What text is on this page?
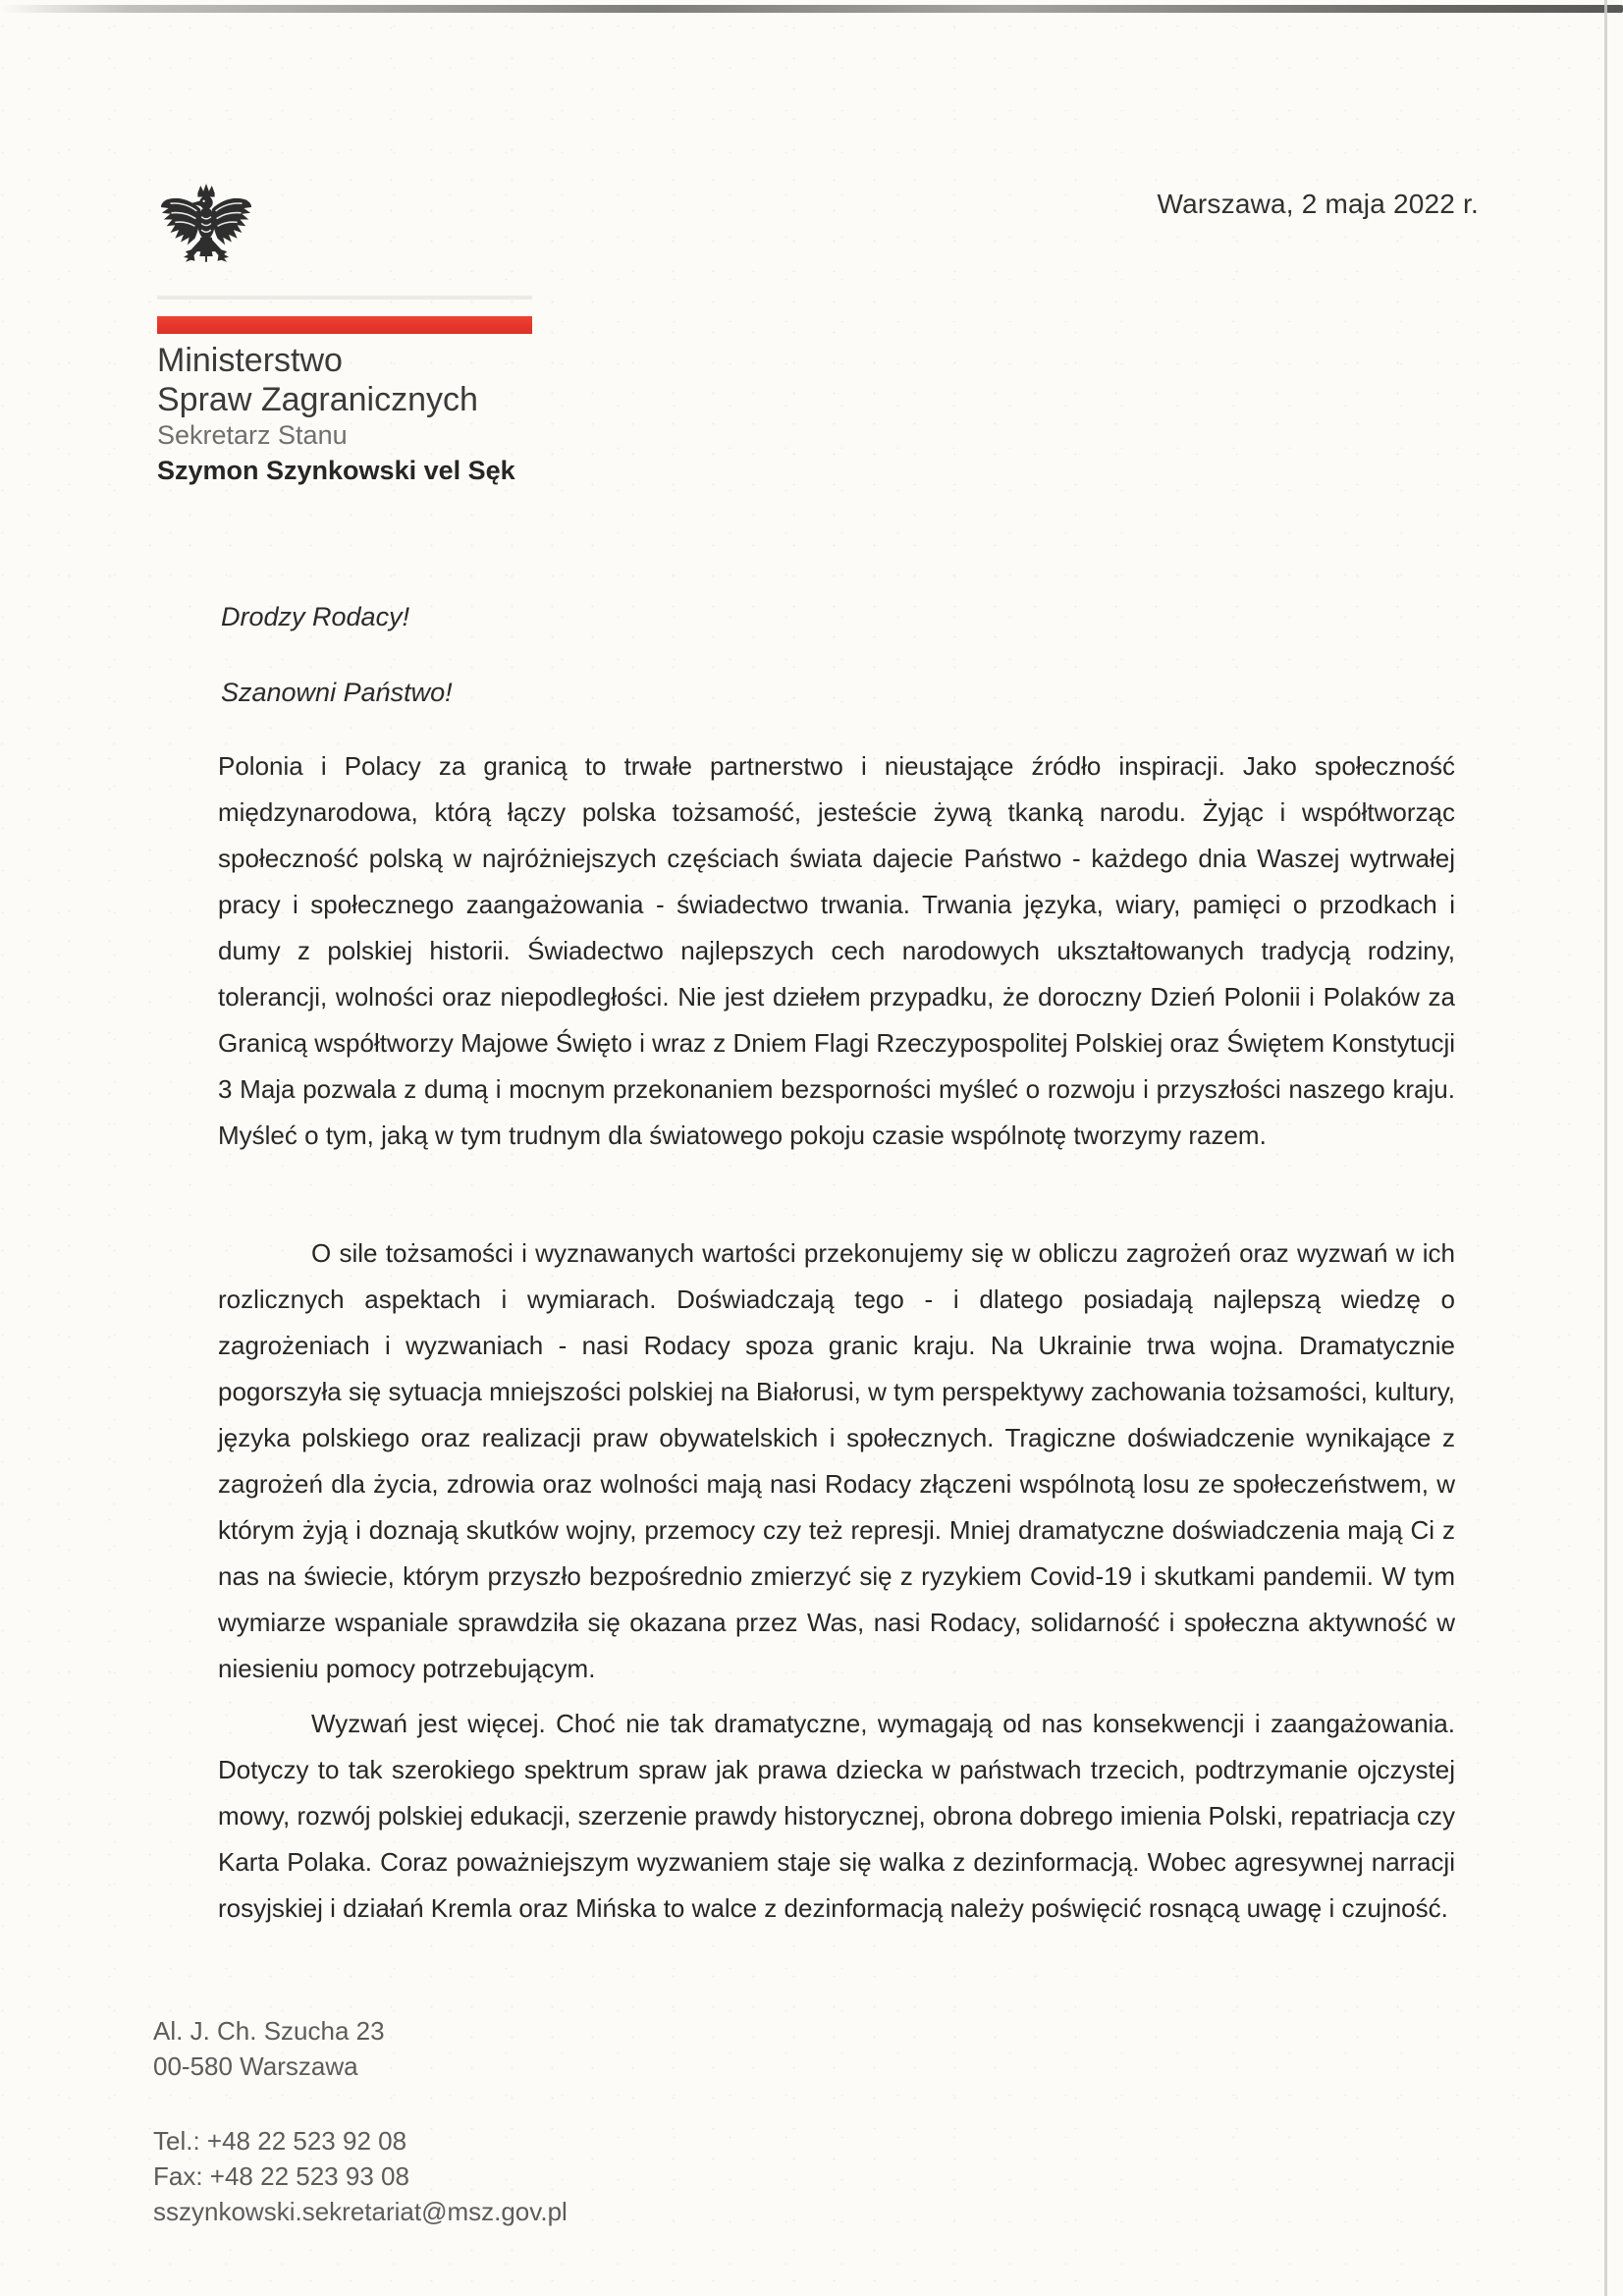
Warszawa, 2 maja 2022 r.
Ministerstwo
Spraw Zagranicznych
Sekretarz Stanu
Szymon Szynkowski vel Sęk

Drodzy Rodacy!

Szanowni Państwo!

Polonia i Polacy za granicą to trwałe partnerstwo i nieustające źródło inspiracji. Jako społeczność międzynarodowa, którą łączy polska tożsamość, jesteście żywą tkanką narodu. Żyjąc i współtworząc społeczność polską w najróżniejszych częściach świata dajecie Państwo - każdego dnia Waszej wytrwałej pracy i społecznego zaangażowania - świadectwo trwania. Trwania języka, wiary, pamięci o przodkach i dumy z polskiej historii. Świadectwo najlepszych cech narodowych ukształtowanych tradycją rodziny, tolerancji, wolności oraz niepodległości. Nie jest dziełem przypadku, że doroczny Dzień Polonii i Polaków za Granicą współtworzy Majowe Święto i wraz z Dniem Flagi Rzeczypospolitej Polskiej oraz Świętem Konstytucji 3 Maja pozwala z dumą i mocnym przekonaniem bezsporności myśleć o rozwoju i przyszłości naszego kraju. Myśleć o tym, jaką w tym trudnym dla światowego pokoju czasie wspólnotę tworzymy razem.

O sile tożsamości i wyznawanych wartości przekonujemy się w obliczu zagrożeń oraz wyzwań w ich rozlicznych aspektach i wymiarach. Doświadczają tego - i dlatego posiadają najlepszą wiedzę o zagrożeniach i wyzwaniach - nasi Rodacy spoza granic kraju. Na Ukrainie trwa wojna. Dramatycznie pogorszyła się sytuacja mniejszości polskiej na Białorusi, w tym perspektywy zachowania tożsamości, kultury, języka polskiego oraz realizacji praw obywatelskich i społecznych. Tragiczne doświadczenie wynikające z zagrożeń dla życia, zdrowia oraz wolności mają nasi Rodacy złączeni wspólnotą losu ze społeczeństwem, w którym żyją i doznają skutków wojny, przemocy czy też represji. Mniej dramatyczne doświadczenia mają Ci z nas na świecie, którym przyszło bezpośrednio zmierzyć się z ryzykiem Covid-19 i skutkami pandemii. W tym wymiarze wspaniale sprawdziła się okazana przez Was, nasi Rodacy, solidarność i społeczna aktywność w niesieniu pomocy potrzebującym.

Wyzwań jest więcej. Choć nie tak dramatyczne, wymagają od nas konsekwencji i zaangażowania. Dotyczy to tak szerokiego spektrum spraw jak prawa dziecka w państwach trzecich, podtrzymanie ojczystej mowy, rozwój polskiej edukacji, szerzenie prawdy historycznej, obrona dobrego imienia Polski, repatriacja czy Karta Polaka. Coraz poważniejszym wyzwaniem staje się walka z dezinformacją. Wobec agresywnej narracji rosyjskiej i działań Kremla oraz Mińska to walce z dezinformacją należy poświęcić rosnącą uwagę i czujność.

Al. J. Ch. Szucha 23
00-580 Warszawa
Tel.: +48 22 523 92 08
Fax: +48 22 523 93 08
sszynkowski.sekretariat@msz.gov.pl
